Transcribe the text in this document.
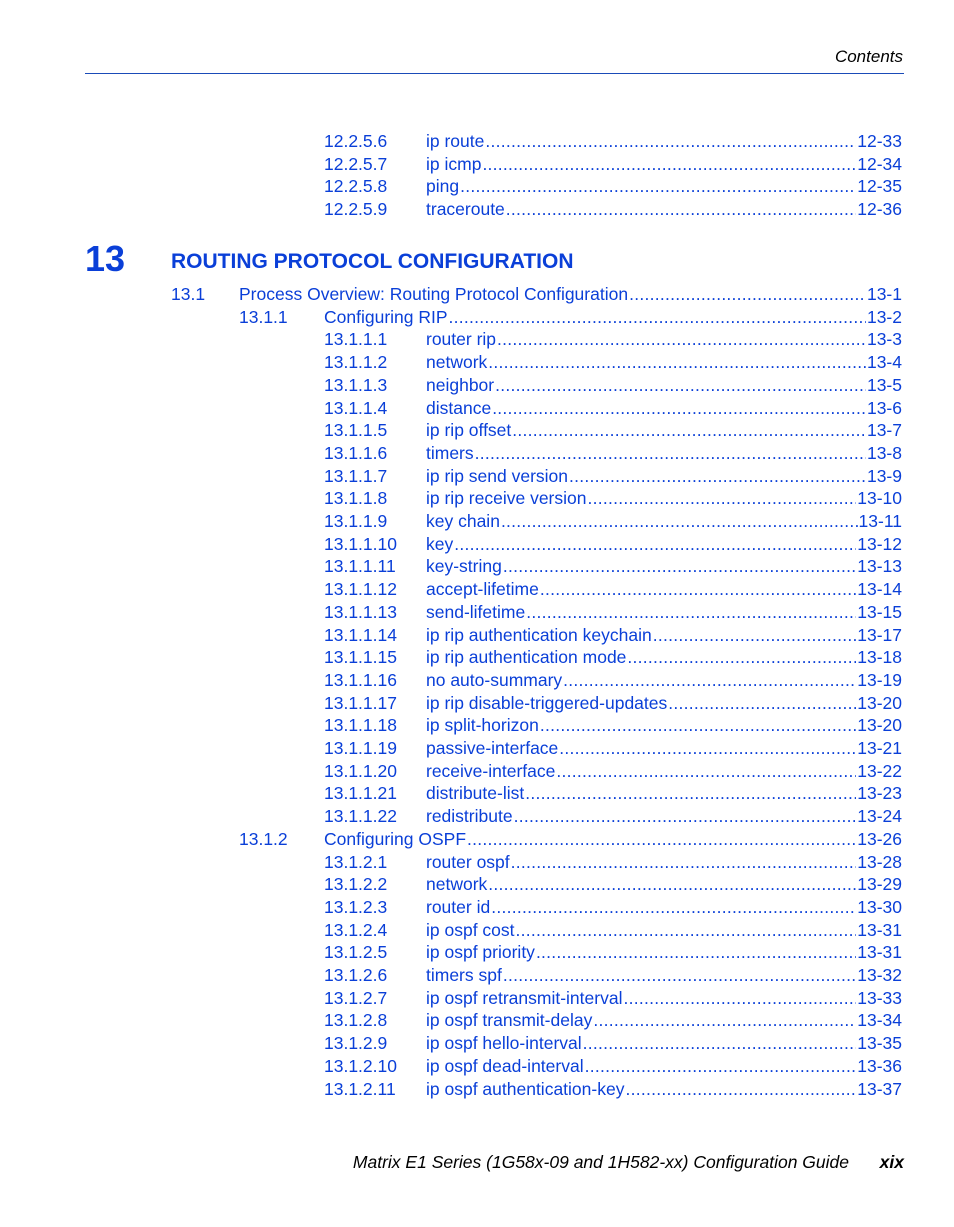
Contents
12.2.5.6	ip route . . .	12-33
12.2.5.7	ip icmp . . .	12-34
12.2.5.8	ping . . .	12-35
12.2.5.9	traceroute . . .	12-36
13 ROUTING PROTOCOL CONFIGURATION
13.1	Process Overview: Routing Protocol Configuration . . .	13-1
13.1.1	Configuring RIP . . .	13-2
13.1.1.1	router rip . . .	13-3
13.1.1.2	network . . .	13-4
13.1.1.3	neighbor . . .	13-5
13.1.1.4	distance . . .	13-6
13.1.1.5	ip rip offset . . .	13-7
13.1.1.6	timers . . .	13-8
13.1.1.7	ip rip send version . . .	13-9
13.1.1.8	ip rip receive version . . .	13-10
13.1.1.9	key chain . . .	13-11
13.1.1.10	key . . .	13-12
13.1.1.11	key-string . . .	13-13
13.1.1.12	accept-lifetime . . .	13-14
13.1.1.13	send-lifetime . . .	13-15
13.1.1.14	ip rip authentication keychain . . .	13-17
13.1.1.15	ip rip authentication mode . . .	13-18
13.1.1.16	no auto-summary . . .	13-19
13.1.1.17	ip rip disable-triggered-updates . . .	13-20
13.1.1.18	ip split-horizon . . .	13-20
13.1.1.19	passive-interface . . .	13-21
13.1.1.20	receive-interface . . .	13-22
13.1.1.21	distribute-list . . .	13-23
13.1.1.22	redistribute . . .	13-24
13.1.2	Configuring OSPF . . .	13-26
13.1.2.1	router ospf . . .	13-28
13.1.2.2	network . . .	13-29
13.1.2.3	router id . . .	13-30
13.1.2.4	ip ospf cost . . .	13-31
13.1.2.5	ip ospf priority . . .	13-31
13.1.2.6	timers spf . . .	13-32
13.1.2.7	ip ospf retransmit-interval . . .	13-33
13.1.2.8	ip ospf transmit-delay . . .	13-34
13.1.2.9	ip ospf hello-interval . . .	13-35
13.1.2.10	ip ospf dead-interval . . .	13-36
13.1.2.11	ip ospf authentication-key . . .	13-37
Matrix E1 Series (1G58x-09 and 1H582-xx) Configuration Guide xix
